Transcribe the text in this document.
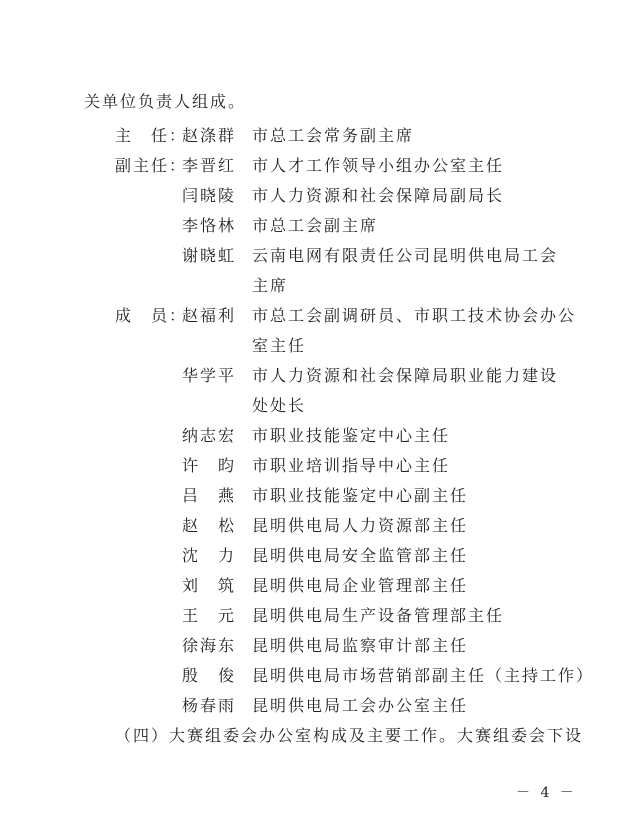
关单位负责人组成。
主　任：
赵涤群 市总工会常务副主席
副主任：
李晋红 市人才工作领导小组办公室主任
闫晓陵 市人力资源和社会保障局副局长
李恪林 市总工会副主席
谢晓虹 云南电网有限责任公司昆明供电局工会
主席
成　员：
赵福利 市总工会副调研员、市职工技术协会办公
室主任
华学平 市人力资源和社会保障局职业能力建设
处处长
纳志宏 市职业技能鉴定中心主任
许　昀 市职业培训指导中心主任
吕　燕 市职业技能鉴定中心副主任
赵　松 昆明供电局人力资源部主任
沈　力 昆明供电局安全监管部主任
刘　筑 昆明供电局企业管理部主任
王　元 昆明供电局生产设备管理部主任
徐海东 昆明供电局监察审计部主任
殷　俊 昆明供电局市场营销部副主任（主持工作）
杨春雨 昆明供电局工会办公室主任
（四）大赛组委会办公室构成及主要工作。大赛组委会下设
－ 4 －
